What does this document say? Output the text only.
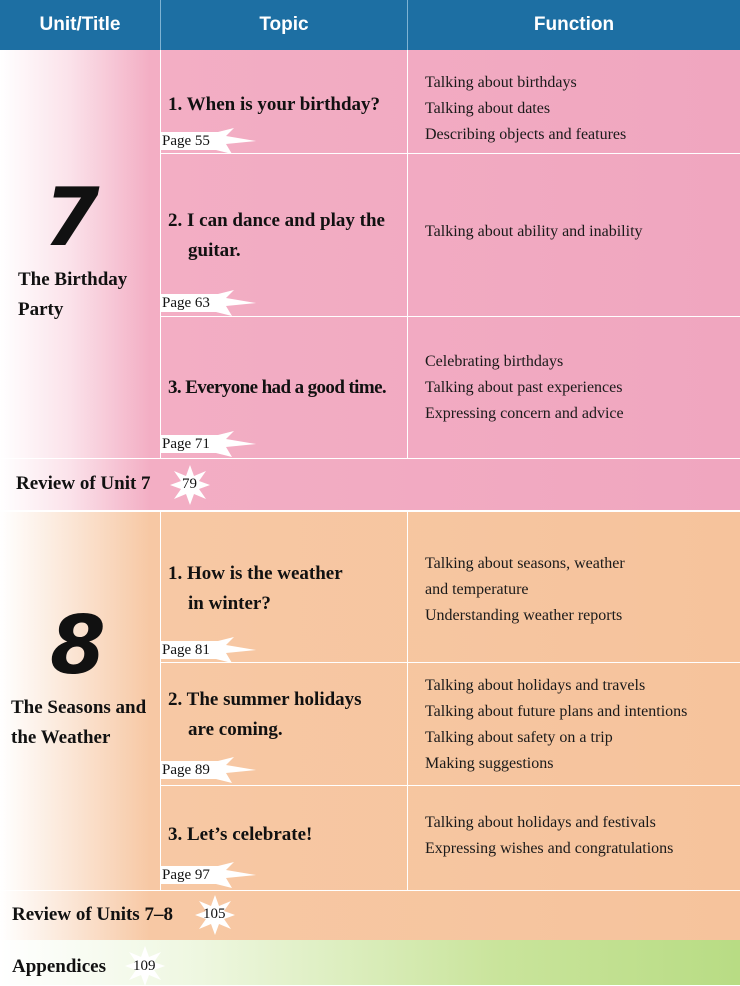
Unit/Title	Topic	Function
7
The Birthday
Party
1. When is your birthday?
Page 55
Talking about birthdays
Talking about dates
Describing objects and features
2. I can dance and play the
guitar.
Page 63
Talking about ability and inability
3. Everyone had a good time.
Page 71
Celebrating birthdays
Talking about past experiences
Expressing concern and advice
Review of Unit 7 79
8
The Seasons and
the Weather
1. How is the weather
in winter?
Page 81
Talking about seasons, weather
and temperature
Understanding weather reports
2. The summer holidays
are coming.
Page 89
Talking about holidays and travels
Talking about future plans and intentions
Talking about safety on a trip
Making suggestions
3. Let’s celebrate!
Page 97
Talking about holidays and festivals
Expressing wishes and congratulations
Review of Units 7–8 105
Appendices 109
